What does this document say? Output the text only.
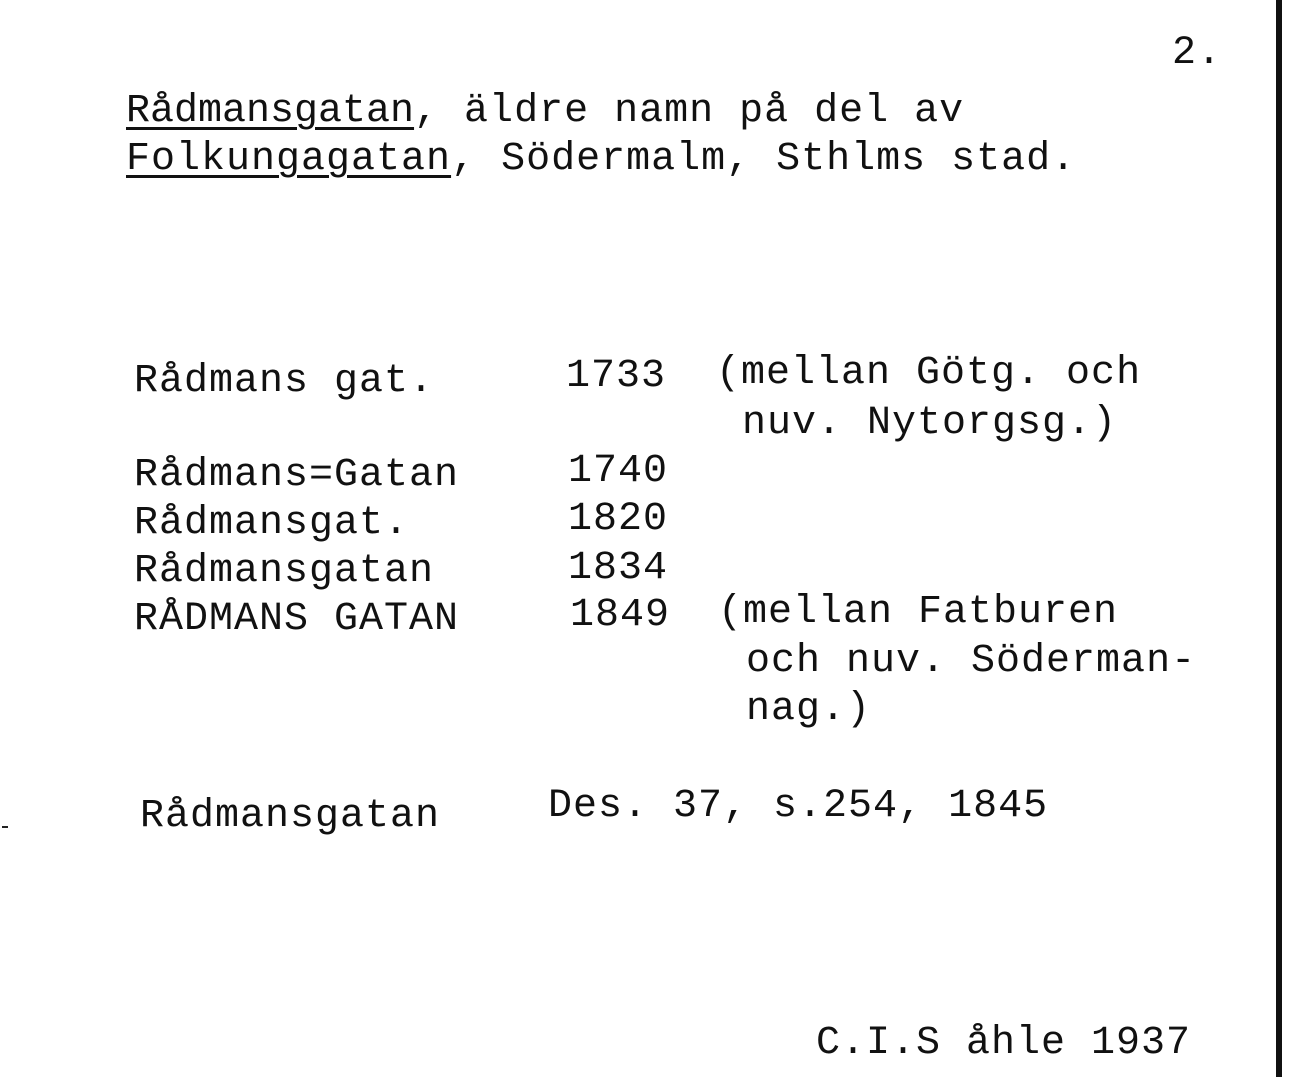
2.
Rådmansgatan, äldre namn på del av
Folkungagatan, Södermalm, Sthlms stad.
Rådmans gat.	1733 (mellan Götg. och
nuv. Nytorgsg.)
Rådmans=Gatan	1740
Rådmansgat.	1820
Rådmansgatan	1834
RÅDMANS GATAN	1849 (mellan Fatburen
och nuv. Söderman-
nag.)
Rådmansgatan	Des. 37, s.254, 1845
C.I.S åhle 1937
